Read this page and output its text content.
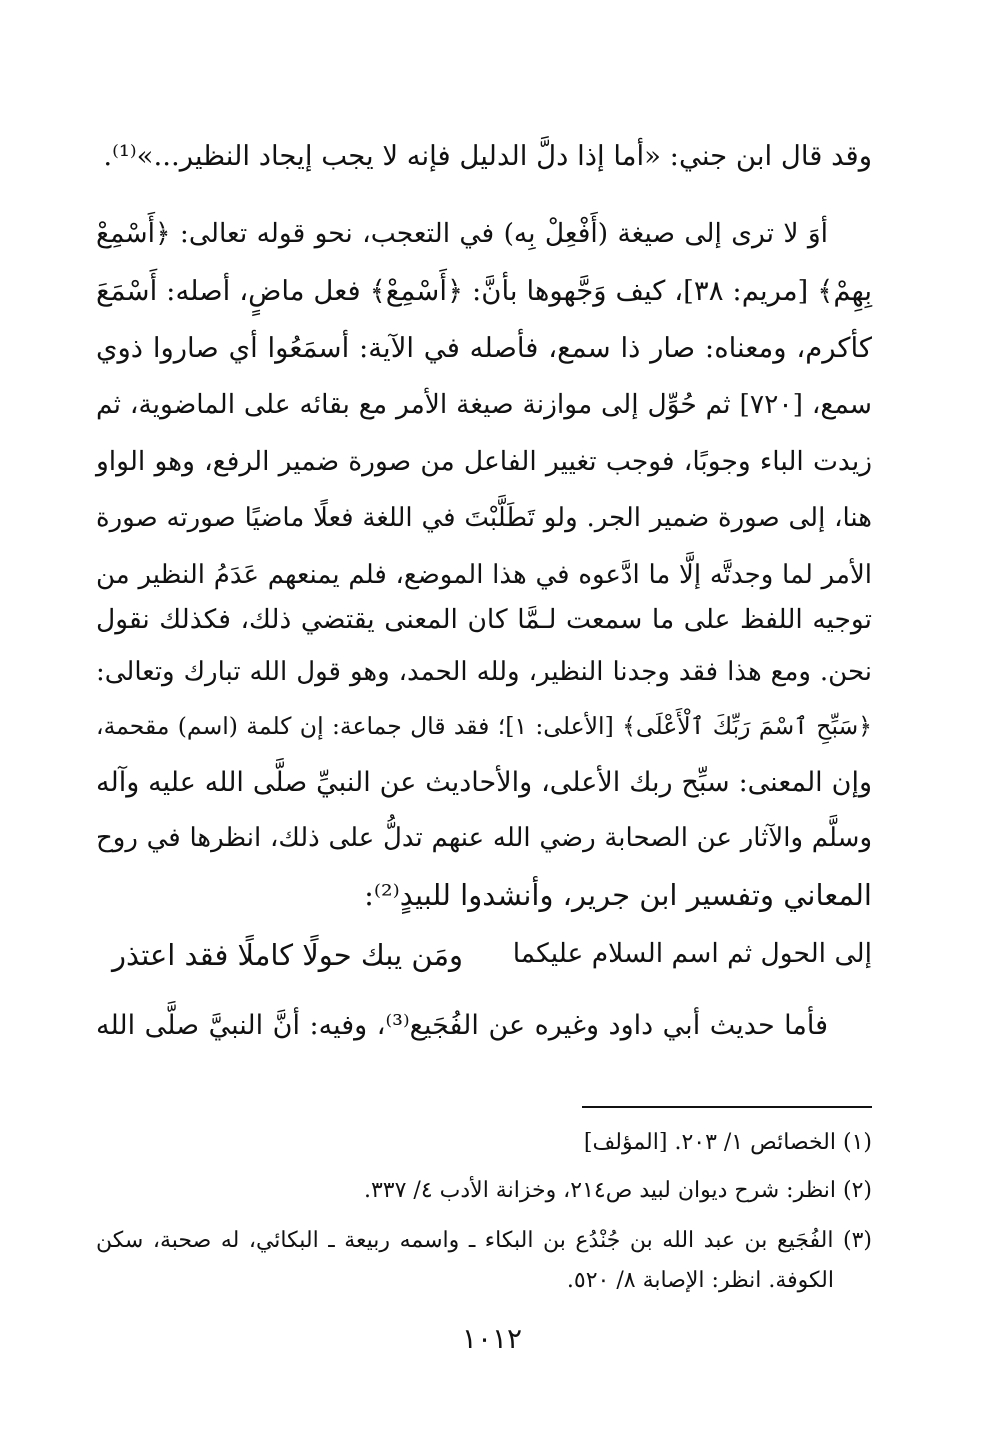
وقد قال ابن جني: «أما إذا دلَّ الدليل فإنه لا يجب إيجاد النظير...»⁽¹⁾.
أوَ لا ترى إلى صيغة (أَفْعِلْ بِه) في التعجب، نحو قوله تعالى: ﴿أَسْمِعْ
بِهِمْ﴾ [مريم: ٣٨]، كيف وَجَّهوها بأنَّ: ﴿أَسْمِعْ﴾ فعل ماضٍ، أصله: أَسْمَعَ
كأكرم، ومعناه: صار ذا سمع، فأصله في الآية: أسمَعُوا أي صاروا ذوي
سمع، [٧٢٠] ثم حُوِّل إلى موازنة صيغة الأمر مع بقائه على الماضوية، ثم
زيدت الباء وجوبًا، فوجب تغيير الفاعل من صورة ضمير الرفع، وهو الواو
هنا، إلى صورة ضمير الجر. ولو تَطَلَّبْتَ في اللغة فعلًا ماضيًا صورته صورة
الأمر لما وجدتَّه إلَّا ما ادَّعوه في هذا الموضع، فلم يمنعهم عَدَمُ النظير من
توجيه اللفظ على ما سمعت لـمَّا كان المعنى يقتضي ذلك، فكذلك نقول
نحن. ومع هذا فقد وجدنا النظير، ولله الحمد، وهو قول الله تبارك وتعالى:
﴿سَبِّحِ ٱسْمَ رَبِّكَ ٱلْأَعْلَى﴾ [الأعلى: ١]؛ فقد قال جماعة: إن كلمة (اسم) مقحمة،
وإن المعنى: سبِّح ربك الأعلى، والأحاديث عن النبيِّ صلَّى الله عليه وآله
وسلَّم والآثار عن الصحابة رضي الله عنهم تدلُّ على ذلك، انظرها في روح
المعاني وتفسير ابن جرير، وأنشدوا للبيدٍ⁽²⁾:
إلى الحول ثم اسم السلام عليكما
ومَن يبك حولًا كاملًا فقد اعتذر
فأما حديث أبي داود وغيره عن الفُجَيع⁽³⁾، وفيه: أنَّ النبيَّ صلَّى الله
(١) الخصائص ١/ ٢٠٣. [المؤلف]
(٢) انظر: شرح ديوان لبيد ص٢١٤، وخزانة الأدب ٤/ ٣٣٧.
(٣) الفُجَيع بن عبد الله بن جُنْدُع بن البكاء ـ واسمه ربيعة ـ البكائي، له صحبة، سكن
الكوفة. انظر: الإصابة ٨/ ٥٢٠.
١٠١٢
